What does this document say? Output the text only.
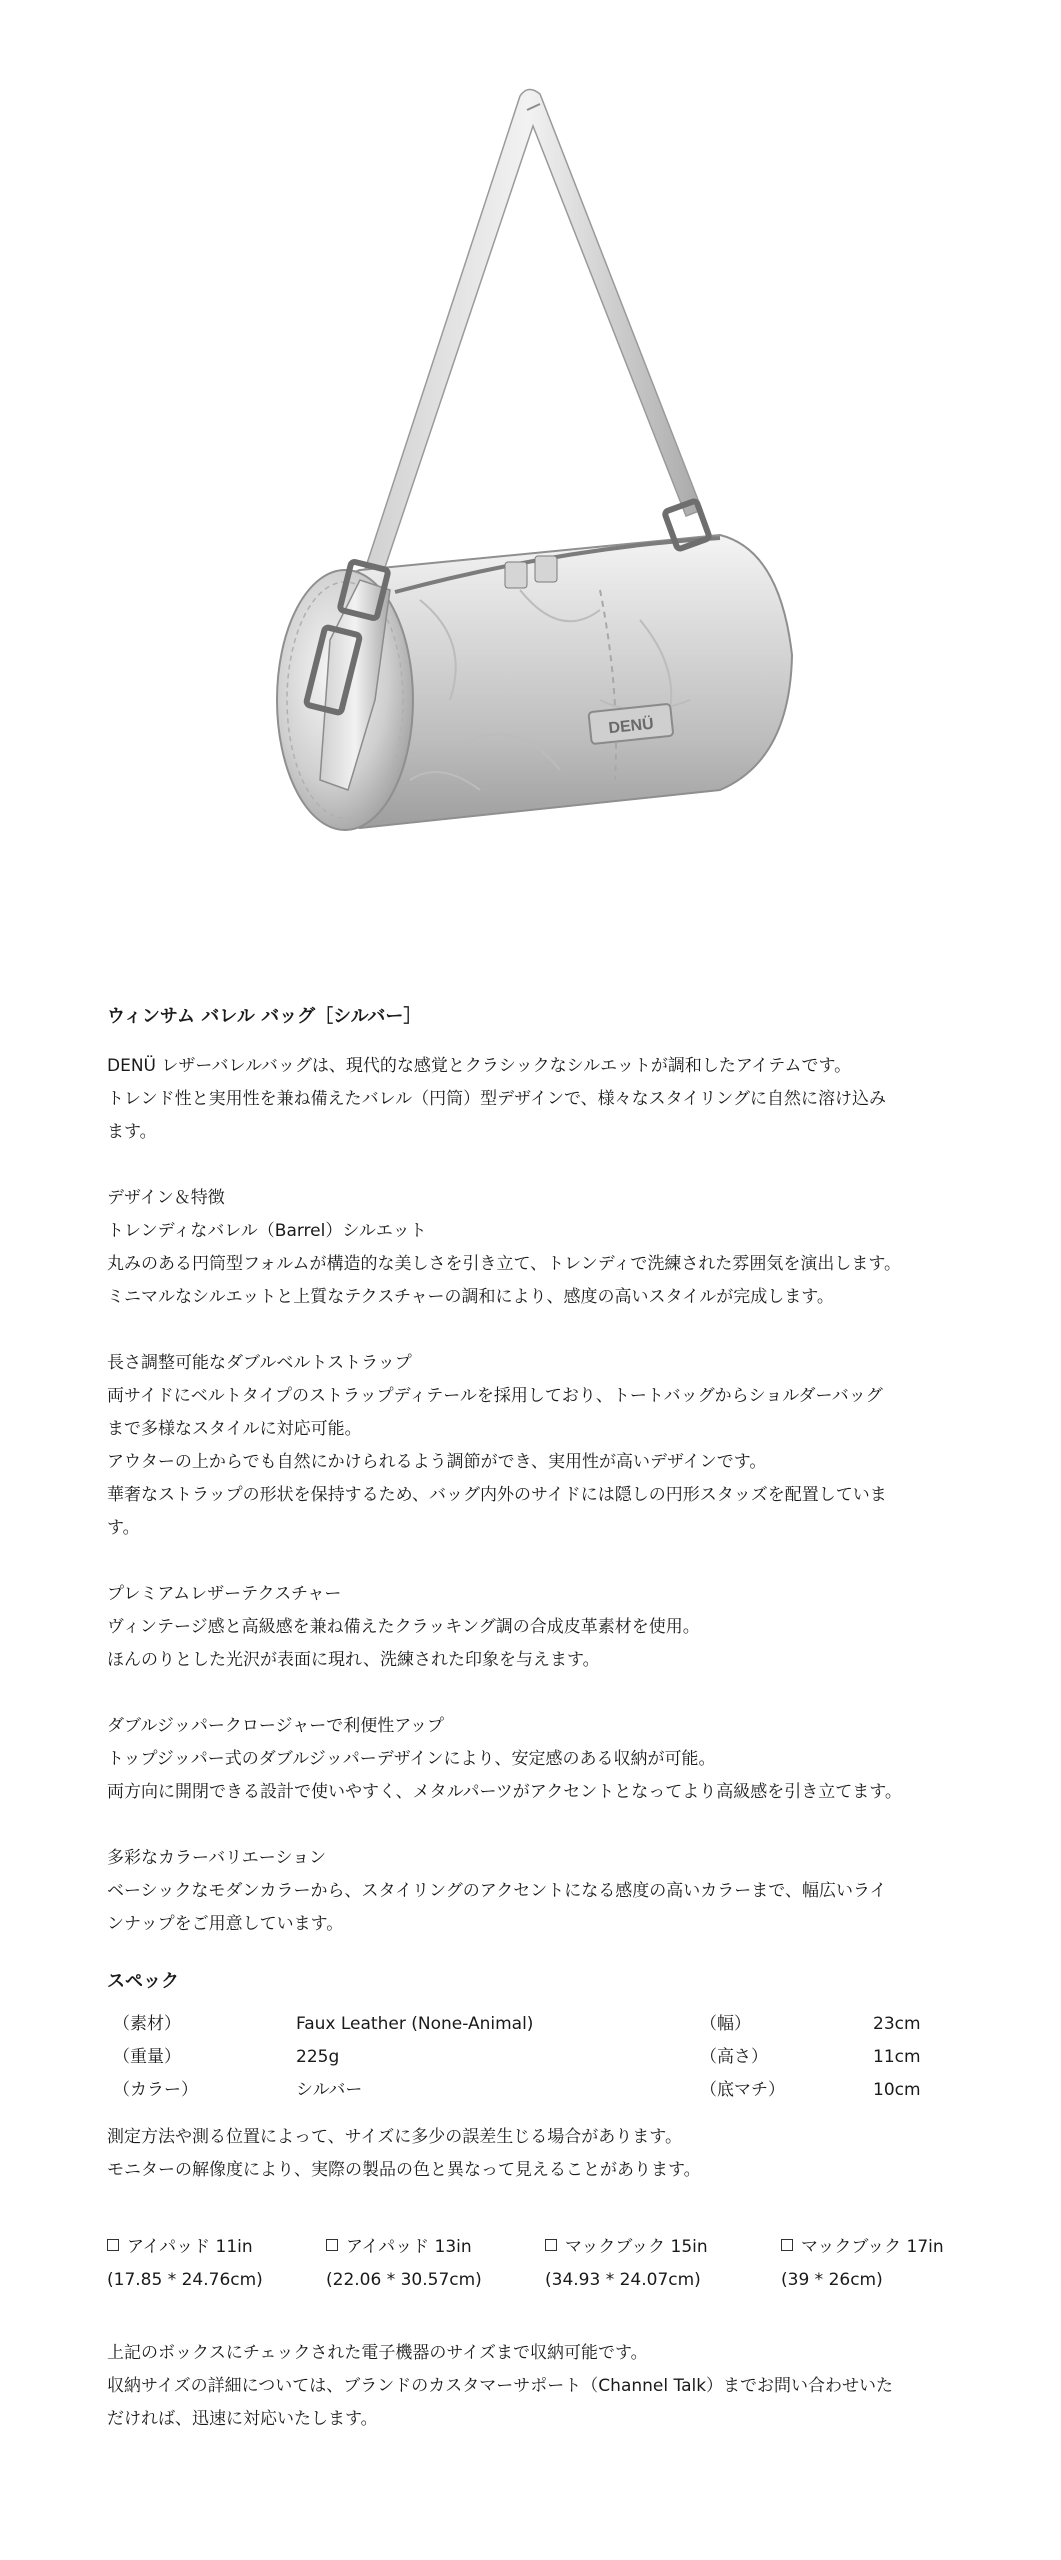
DENÜ
ウィンサム バレル バッグ［シルバー］

DENÜ レザーバレルバッグは、現代的な感覚とクラシックなシルエットが調和したアイテムです。
トレンド性と実用性を兼ね備えたバレル（円筒）型デザインで、様々なスタイリングに自然に溶け込み
ます。

デザイン＆特徴
トレンディなバレル（Barrel）シルエット
丸みのある円筒型フォルムが構造的な美しさを引き立て、トレンディで洗練された雰囲気を演出します。
ミニマルなシルエットと上質なテクスチャーの調和により、感度の高いスタイルが完成します。

長さ調整可能なダブルベルトストラップ
両サイドにベルトタイプのストラップディテールを採用しており、トートバッグからショルダーバッグ
まで多様なスタイルに対応可能。
アウターの上からでも自然にかけられるよう調節ができ、実用性が高いデザインです。
華奢なストラップの形状を保持するため、バッグ内外のサイドには隠しの円形スタッズを配置していま
す。

プレミアムレザーテクスチャー
ヴィンテージ感と高級感を兼ね備えたクラッキング調の合成皮革素材を使用。
ほんのりとした光沢が表面に現れ、洗練された印象を与えます。

ダブルジッパークロージャーで利便性アップ
トップジッパー式のダブルジッパーデザインにより、安定感のある収納が可能。
両方向に開閉できる設計で使いやすく、メタルパーツがアクセントとなってより高級感を引き立てます。

多彩なカラーバリエーション
ベーシックなモダンカラーから、スタイリングのアクセントになる感度の高いカラーまで、幅広いライ
ンナップをご用意しています。

スペック
（素材）	Faux Leather (None-Animal)	（幅）	23cm
（重量）	225g	（高さ）	11cm
（カラー）	シルバー	（底マチ）	10cm

測定方法や測る位置によって、サイズに多少の誤差生じる場合があります。
モニターの解像度により、実際の製品の色と異なって見えることがあります。

アイパッド 11in
(17.85 * 24.76cm)
アイパッド 13in
(22.06 * 30.57cm)
マックブック 15in
(34.93 * 24.07cm)
マックブック 17in
(39 * 26cm)

上記のボックスにチェックされた電子機器のサイズまで収納可能です。
収納サイズの詳細については、ブランドのカスタマーサポート（Channel Talk）までお問い合わせいた
だければ、迅速に対応いたします。
